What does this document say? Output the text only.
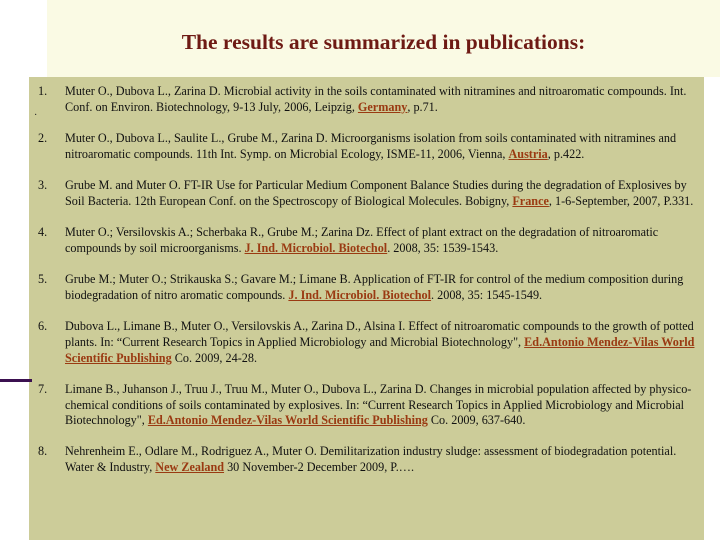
The results are summarized in publications:
·
1. Muter O., Dubova L., Zarina D. Microbial activity in the soils contaminated with nitramines and nitroaromatic compounds. Int. Conf. on Environ. Biotechnology, 9-13 July, 2006, Leipzig, Germany, p.71.
2. Muter O., Dubova L., Saulite L., Grube M., Zarina D. Microorganisms isolation from soils contaminated with nitramines and nitroaromatic compounds. 11th Int. Symp. on Microbial Ecology, ISME-11, 2006, Vienna, Austria, p.422.
3. Grube M. and Muter O. FT-IR Use for Particular Medium Component Balance Studies during the degradation of Explosives by Soil Bacteria. 12th European Conf. on the Spectroscopy of Biological Molecules. Bobigny, France, 1-6-September, 2007, P.331.
4. Muter O.; Versilovskis A.; Scherbaka R., Grube M.; Zarina Dz. Effect of plant extract on the degradation of nitroaromatic compounds by soil microorganisms. J. Ind. Microbiol. Biotechol. 2008, 35: 1539-1543.
5. Grube M.; Muter O.; Strikauska S.; Gavare M.; Limane B. Application of FT-IR for control of the medium composition during biodegradation of nitro aromatic compounds. J. Ind. Microbiol. Biotechol. 2008, 35: 1545-1549.
6. Dubova L., Limane B., Muter O., Versilovskis A., Zarina D., Alsina I. Effect of nitroaromatic compounds to the growth of potted plants. In: “Current Research Topics in Applied Microbiology and Microbial Biotechnology", Ed.Antonio Mendez-Vilas World Scientific Publishing Co. 2009, 24-28.
7. Limane B., Juhanson J., Truu J., Truu M., Muter O., Dubova L., Zarina D. Changes in microbial population affected by physico-chemical conditions of soils contaminated by explosives. In: “Current Research Topics in Applied Microbiology and Microbial Biotechnology", Ed.Antonio Mendez-Vilas World Scientific Publishing Co. 2009, 637-640.
8. Nehrenheim E., Odlare M., Rodriguez A., Muter O. Demilitarization industry sludge: assessment of biodegradation potential. Water & Industry, New Zealand 30 November-2 December 2009, P.….
